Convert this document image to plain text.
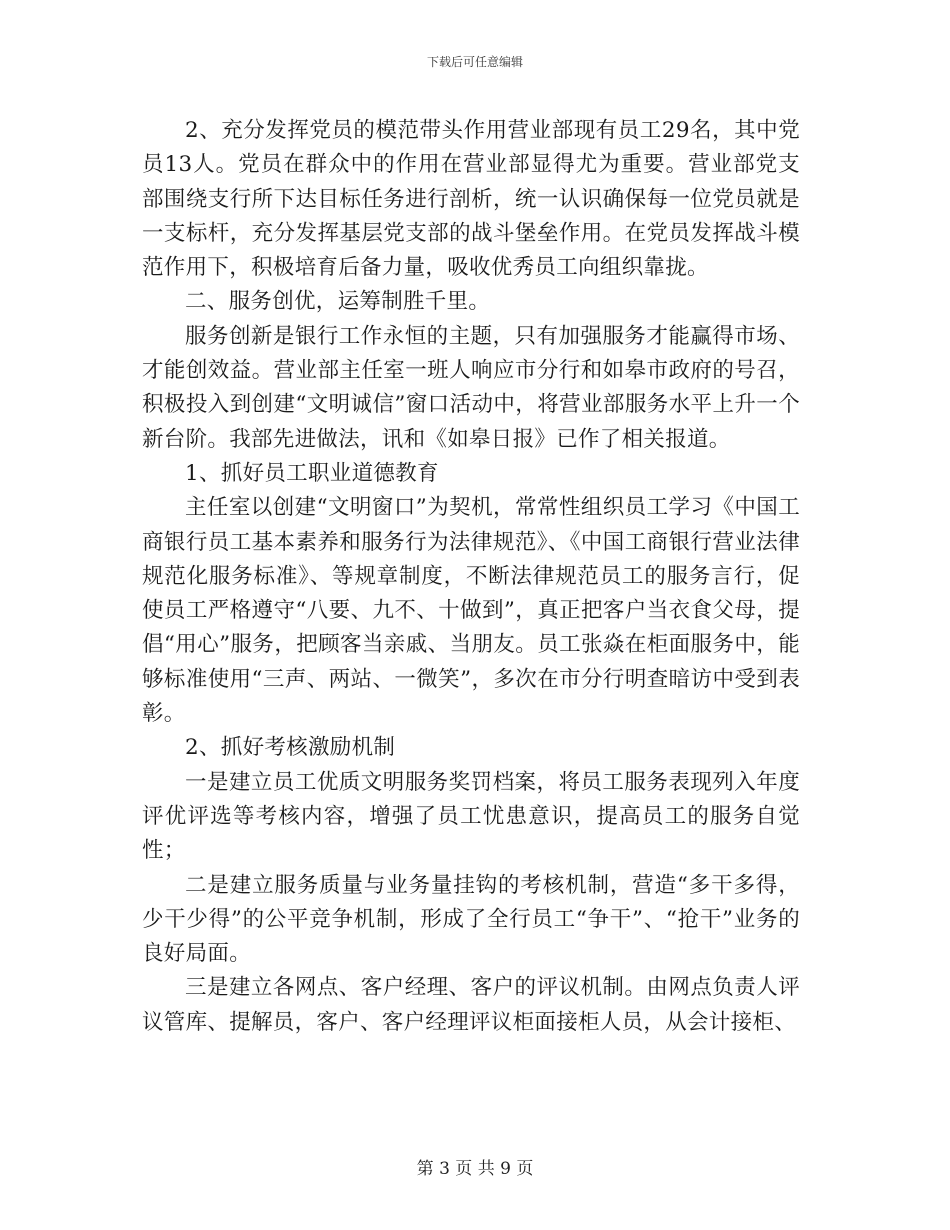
下载后可任意编辑

2、充分发挥党员的模范带头作用营业部现有员工29名，其中党员13人。党员在群众中的作用在营业部显得尤为重要。营业部党支部围绕支行所下达目标任务进行剖析，统一认识确保每一位党员就是一支标杆，充分发挥基层党支部的战斗堡垒作用。在党员发挥战斗模范作用下，积极培育后备力量，吸收优秀员工向组织靠拢。

二、服务创优，运筹制胜千里。

服务创新是银行工作永恒的主题，只有加强服务才能赢得市场、才能创效益。营业部主任室一班人响应市分行和如皋市政府的号召，积极投入到创建“文明诚信”窗口活动中，将营业部服务水平上升一个新台阶。我部先进做法，讯和《如皋日报》已作了相关报道。

1、抓好员工职业道德教育

主任室以创建“文明窗口”为契机，常常性组织员工学习《中国工商银行员工基本素养和服务行为法律规范》、《中国工商银行营业法律规范化服务标准》、等规章制度，不断法律规范员工的服务言行，促使员工严格遵守“八要、九不、十做到”，真正把客户当衣食父母，提倡“用心”服务，把顾客当亲戚、当朋友。员工张焱在柜面服务中，能够标准使用“三声、两站、一微笑”，多次在市分行明查暗访中受到表彰。

2、抓好考核激励机制

一是建立员工优质文明服务奖罚档案，将员工服务表现列入年度评优评选等考核内容，增强了员工忧患意识，提高员工的服务自觉性；

二是建立服务质量与业务量挂钩的考核机制，营造“多干多得，少干少得”的公平竞争机制，形成了全行员工“争干”、“抢干”业务的良好局面。

三是建立各网点、客户经理、客户的评议机制。由网点负责人评议管库、提解员，客户、客户经理评议柜面接柜人员，从会计接柜、

第 3 页 共 9 页
